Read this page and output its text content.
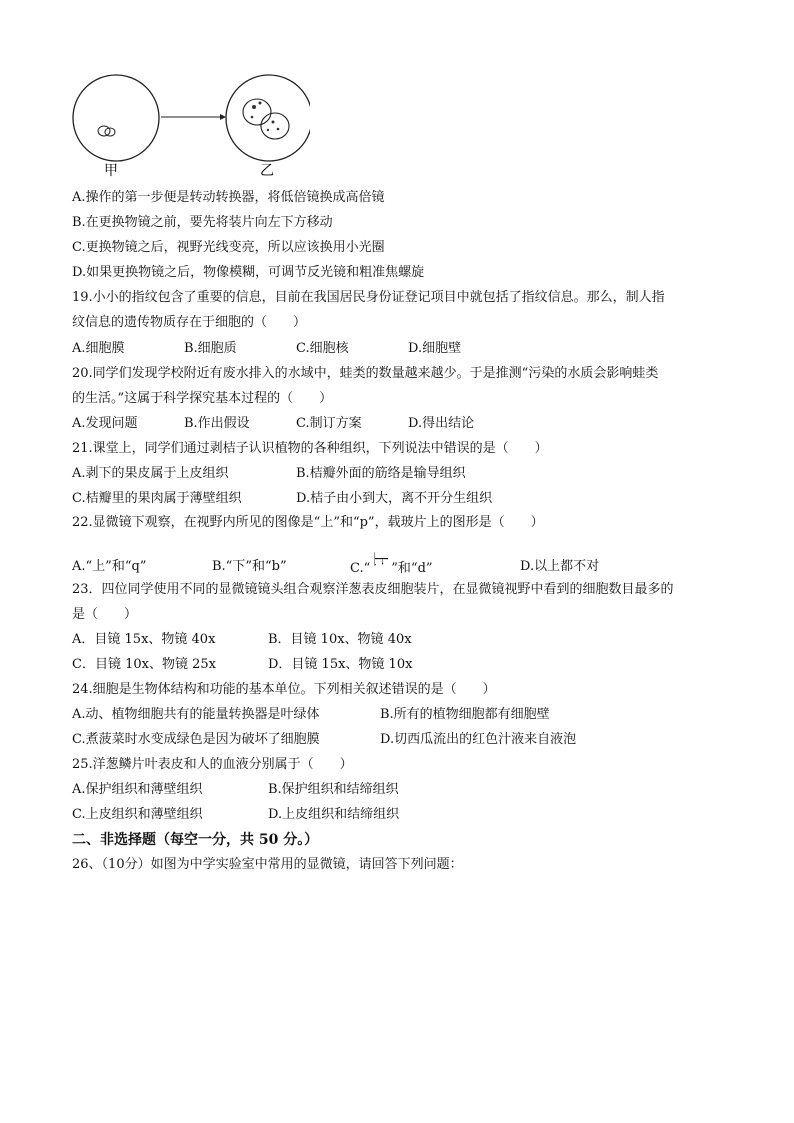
甲	乙
A.操作的第一步便是转动转换器，将低倍镜换成高倍镜
B.在更换物镜之前，要先将装片向左下方移动
C.更换物镜之后，视野光线变亮，所以应该换用小光圈
D.如果更换物镜之后，物像模糊，可调节反光镜和粗准焦螺旋
19.小小的指纹包含了重要的信息，目前在我国居民身份证登记项目中就包括了指纹信息。那么，制人指
纹信息的遗传物质存在于细胞的（　　）
A.细胞膜	B.细胞质	C.细胞核	D.细胞壁
20.同学们发现学校附近有废水排入的水域中，蛙类的数量越来越少。于是推测“污染的水质会影响蛙类
的生活。”这属于科学探究基本过程的（　　）
A.发现问题	B.作出假设	C.制订方案	D.得出结论
21.课堂上，同学们通过剥桔子认识植物的各种组织，下列说法中错误的是（　　）
A.剥下的果皮属于上皮组织	B.桔瓣外面的筋络是输导组织
C.桔瓣里的果肉属于薄壁组织	D.桔子由小到大，离不开分生组织
22.显微镜下观察，在视野内所见的图像是“上”和“p”，载玻片上的图形是（　　）
A.“上”和“q”	B.“下”和“b”	C.“上”和“d”	D.以上都不对
23．四位同学使用不同的显微镜镜头组合观察洋葱表皮细胞装片，在显微镜视野中看到的细胞数目最多的
是（　　）
A．目镜 15x、物镜 40x	B．目镜 10x、物镜 40x
C．目镜 10x、物镜 25x	D．目镜 15x、物镜 10x
24.细胞是生物体结构和功能的基本单位。下列相关叙述错误的是（　　）
A.动、植物细胞共有的能量转换器是叶绿体	B.所有的植物细胞都有细胞壁
C.煮菠菜时水变成绿色是因为破坏了细胞膜	D.切西瓜流出的红色汁液来自液泡
25.洋葱鳞片叶表皮和人的血液分别属于（　　）
A.保护组织和薄壁组织	B.保护组织和结缔组织
C.上皮组织和薄壁组织	D.上皮组织和结缔组织
二、非选择题（每空一分，共 50 分。）
26、（10分）如图为中学实验室中常用的显微镜，请回答下列问题：
